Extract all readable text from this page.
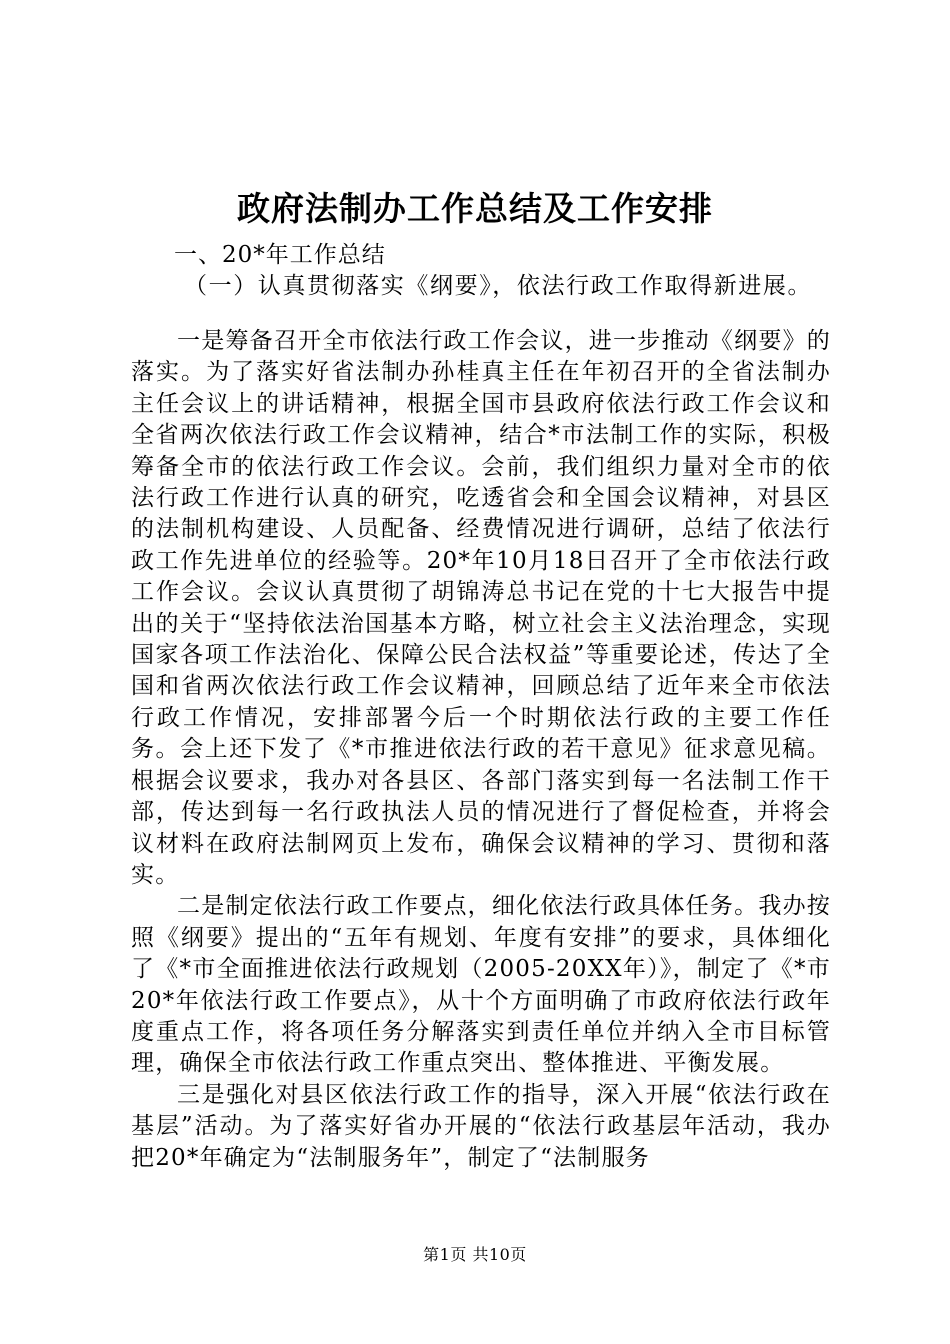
政府法制办工作总结及工作安排
一、20*年工作总结
（一）认真贯彻落实《纲要》，依法行政工作取得新进展。

一是筹备召开全市依法行政工作会议，进一步推动《纲要》的落实。为了落实好省法制办孙桂真主任在年初召开的全省法制办主任会议上的讲话精神，根据全国市县政府依法行政工作会议和全省两次依法行政工作会议精神，结合*市法制工作的实际，积极筹备全市的依法行政工作会议。会前，我们组织力量对全市的依法行政工作进行认真的研究，吃透省会和全国会议精神，对县区的法制机构建设、人员配备、经费情况进行调研，总结了依法行政工作先进单位的经验等。20*年10月18日召开了全市依法行政工作会议。会议认真贯彻了胡锦涛总书记在党的十七大报告中提出的关于“坚持依法治国基本方略，树立社会主义法治理念，实现国家各项工作法治化、保障公民合法权益”等重要论述，传达了全国和省两次依法行政工作会议精神，回顾总结了近年来全市依法行政工作情况，安排部署今后一个时期依法行政的主要工作任务。会上还下发了《*市推进依法行政的若干意见》征求意见稿。根据会议要求，我办对各县区、各部门落实到每一名法制工作干部，传达到每一名行政执法人员的情况进行了督促检查，并将会议材料在政府法制网页上发布，确保会议精神的学习、贯彻和落实。

二是制定依法行政工作要点，细化依法行政具体任务。我办按照《纲要》提出的“五年有规划、年度有安排”的要求，具体细化了《*市全面推进依法行政规划（2005-20XX年）》，制定了《*市20*年依法行政工作要点》，从十个方面明确了市政府依法行政年度重点工作，将各项任务分解落实到责任单位并纳入全市目标管理，确保全市依法行政工作重点突出、整体推进、平衡发展。

三是强化对县区依法行政工作的指导，深入开展“依法行政在基层”活动。为了落实好省办开展的“依法行政基层年活动，我办把20*年确定为“法制服务年”，制定了“法制服务

第1页 共10页
